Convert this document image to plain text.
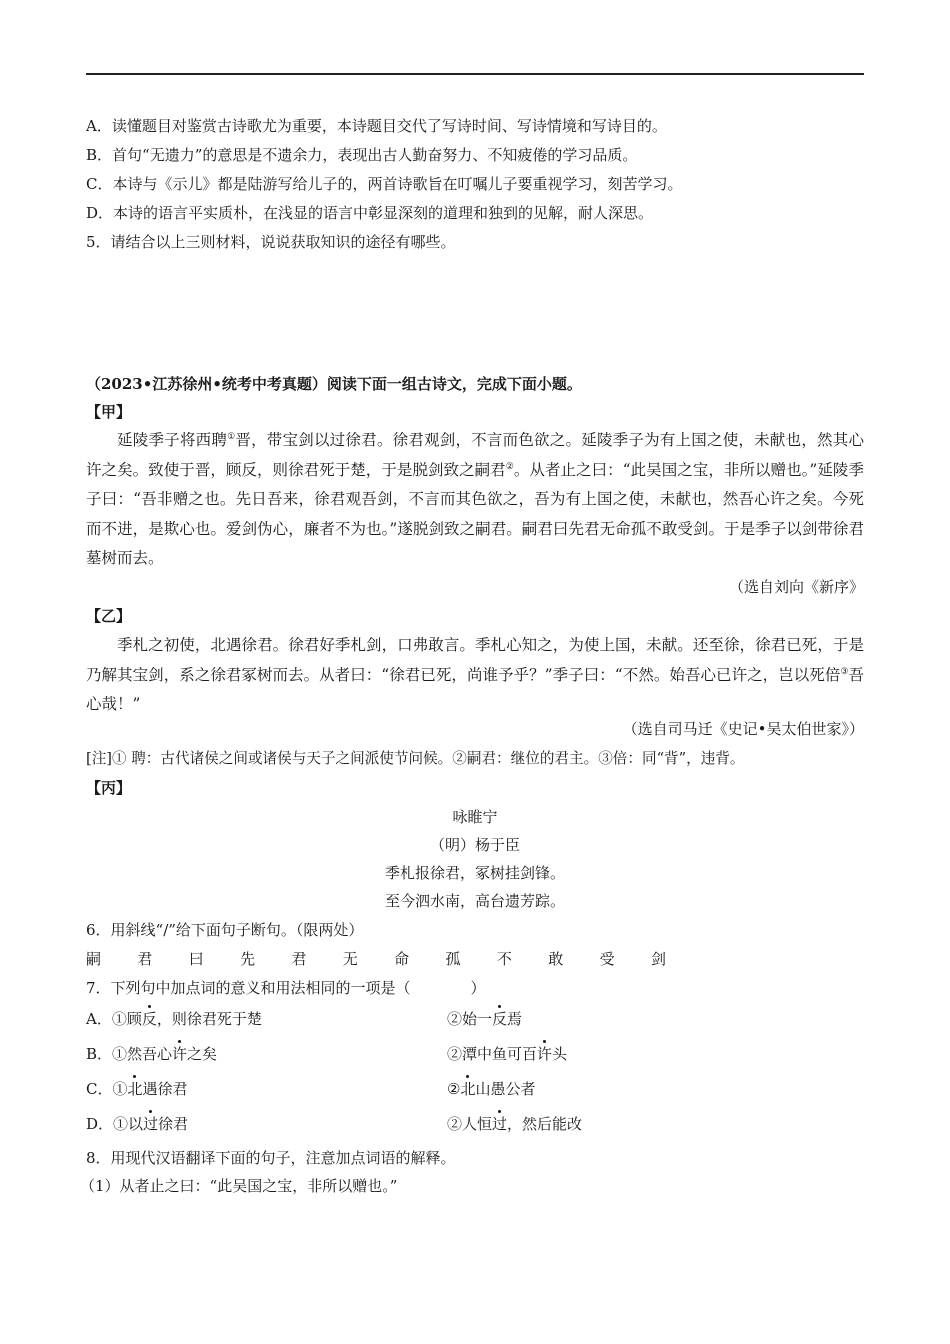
A．读懂题目对鉴赏古诗歌尤为重要，本诗题目交代了写诗时间、写诗情境和写诗目的。
B．首句“无遗力”的意思是不遗余力，表现出古人勤奋努力、不知疲倦的学习品质。
C．本诗与《示儿》都是陆游写给儿子的，两首诗歌旨在叮嘱儿子要重视学习，刻苦学习。
D．本诗的语言平实质朴，在浅显的语言中彰显深刻的道理和独到的见解，耐人深思。
5．请结合以上三则材料，说说获取知识的途径有哪些。
（2023•江苏徐州•统考中考真题）阅读下面一组古诗文，完成下面小题。
【甲】
延陵季子将西聘①晋，带宝剑以过徐君。徐君观剑，不言而色欲之。延陵季子为有上国之使，未献也，然其心许之矣。致使于晋，顾反，则徐君死于楚，于是脱剑致之嗣君②。从者止之曰：“此吴国之宝，非所以赠也。”延陵季子曰：“吾非赠之也。先日吾来，徐君观吾剑，不言而其色欲之，吾为有上国之使，未献也，然吾心许之矣。今死而不进，是欺心也。爱剑伪心，廉者不为也。”遂脱剑致之嗣君。嗣君曰先君无命孤不敢受剑。于是季子以剑带徐君墓树而去。
（选自刘向《新序》
【乙】
季札之初使，北遇徐君。徐君好季札剑，口弗敢言。季札心知之，为使上国，未献。还至徐，徐君已死，于是乃解其宝剑，系之徐君冢树而去。从者曰：“徐君已死，尚谁予乎？”季子曰：“不然。始吾心已许之，岂以死倍③吾心哉！”
（选自司马迁《史记•吴太伯世家》）
[注]① 聘：古代诸侯之间或诸侯与天子之间派使节问候。②嗣君：继位的君主。③倍：同“背”，违背。
【丙】
咏睢宁
（明）杨于臣
季札报徐君，冢树挂剑锋。
至今泗水南，高台遗芳踪。
6．用斜线“/”给下面句子断句。（限两处）
嗣 君 曰 先 君 无 命 孤 不 敢 受 剑
7．下列句中加点词的意义和用法相同的一项是（	）
A．①顾反，则徐君死于楚	②始一反焉
B．①然吾心许之矣	②潭中鱼可百许头
C．①北遇徐君	②北山愚公者
D．①以过徐君	②人恒过，然后能改
8．用现代汉语翻译下面的句子，注意加点词语的解释。
（1）从者止之曰：“此吴国之宝，非所以赠也。”
